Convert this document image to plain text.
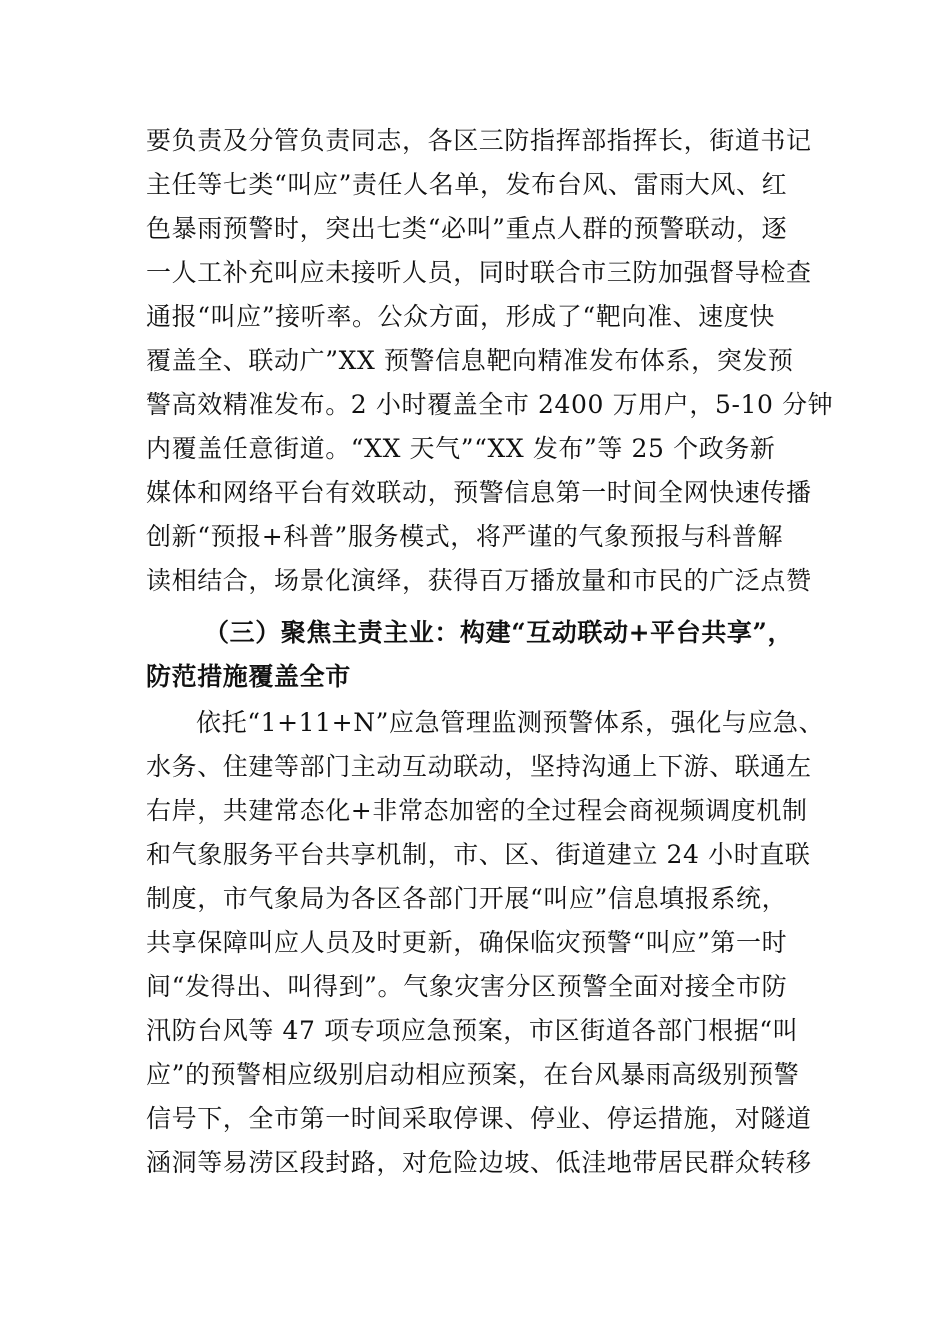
要负责及分管负责同志，各区三防指挥部指挥长，街道书记
主任等七类“叫应”责任人名单，发布台风、雷雨大风、红
色暴雨预警时，突出七类“必叫”重点人群的预警联动，逐
一人工补充叫应未接听人员，同时联合市三防加强督导检查
通报“叫应”接听率。公众方面，形成了“靶向准、速度快
覆盖全、联动广”XX 预警信息靶向精准发布体系，突发预
警高效精准发布。2 小时覆盖全市 2400 万用户，5-10 分钟
内覆盖任意街道。“XX 天气”“XX 发布”等 25 个政务新
媒体和网络平台有效联动，预警信息第一时间全网快速传播
创新“预报+科普”服务模式，将严谨的气象预报与科普解
读相结合，场景化演绎，获得百万播放量和市民的广泛点赞
（三）聚焦主责主业：构建“互动联动+平台共享”，
防范措施覆盖全市
依托“1+11+N”应急管理监测预警体系，强化与应急、
水务、住建等部门主动互动联动，坚持沟通上下游、联通左
右岸，共建常态化+非常态加密的全过程会商视频调度机制
和气象服务平台共享机制，市、区、街道建立 24 小时直联
制度，市气象局为各区各部门开展“叫应”信息填报系统，
共享保障叫应人员及时更新，确保临灾预警“叫应”第一时
间“发得出、叫得到”。气象灾害分区预警全面对接全市防
汛防台风等 47 项专项应急预案，市区街道各部门根据“叫
应”的预警相应级别启动相应预案，在台风暴雨高级别预警
信号下，全市第一时间采取停课、停业、停运措施，对隧道
涵洞等易涝区段封路，对危险边坡、低洼地带居民群众转移
